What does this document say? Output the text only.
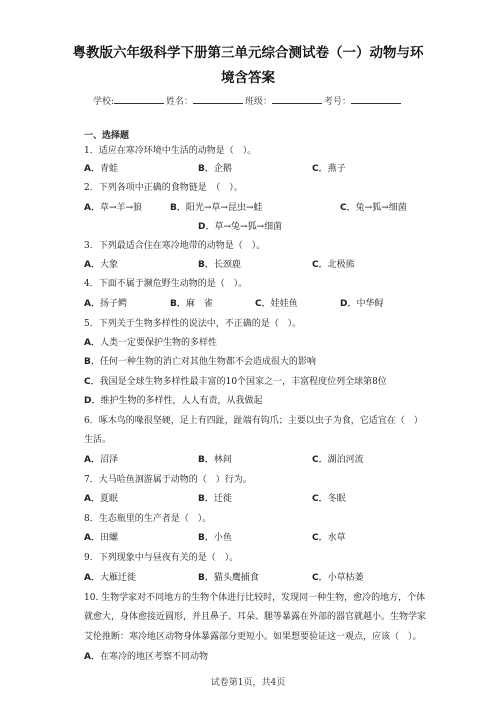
粤教版六年级科学下册第三单元综合测试卷（一）动物与环
境含答案
学校:	姓名：	班级：	考号：
一、选择题
1．适应在寒冷环境中生活的动物是（　）。
A．青蛙	B．企鹅	C．燕子
2．下列各项中正确的食物链是　（　）。
A．草→羊→狼	B．阳光→草→昆虫→蛙	C．兔→狐→细菌
D．草→兔→狐→细菌
3．下列最适合住在寒冷地带的动物是（　）。
A．大象	B．长颈鹿	C．北极熊
4．下面不属于濒危野生动物的是（　）。
A．扬子鳄	B．麻　雀	C．娃娃鱼	D．中华鲟
5．下列关于生物多样性的说法中，不正确的是（　）。
A．人类一定要保护生物的多样性
B．任何一种生物的消亡对其他生物都不会造成很大的影响
C．我国是全球生物多样性最丰富的10个国家之一，丰富程度位列全球第8位
D．维护生物的多样性，人人有责，从我做起
6．啄木鸟的喙很坚硬，足上有四趾，趾端有钩爪；主要以虫子为食，它适宜在（　）
生活。
A．沼泽	B．林间	C．湖泊河流
7．大马哈鱼洄游属于动物的（　）行为。
A．夏眠	B．迁徙	C．冬眠
8．生态瓶里的生产者是（　）。
A．田螺	B．小鱼	C．水草
9．下列现象中与昼夜有关的是（　）。
A．大雁迁徙	B．猫头鹰捕食	C．小草枯萎
10. 生物学家对不同地方的生物个体进行比较时，发现同一种生物，愈冷的地方，个体
就愈大，身体愈接近圆形，并且鼻子、耳朵、腿等暴露在外部的器官就越小。生物学家
艾伦推断：寒冷地区动物身体暴露部分更短小。如果想要验证这一观点，应该（　）。
A．在寒冷的地区考察不同动物
试卷第1页，共4页
